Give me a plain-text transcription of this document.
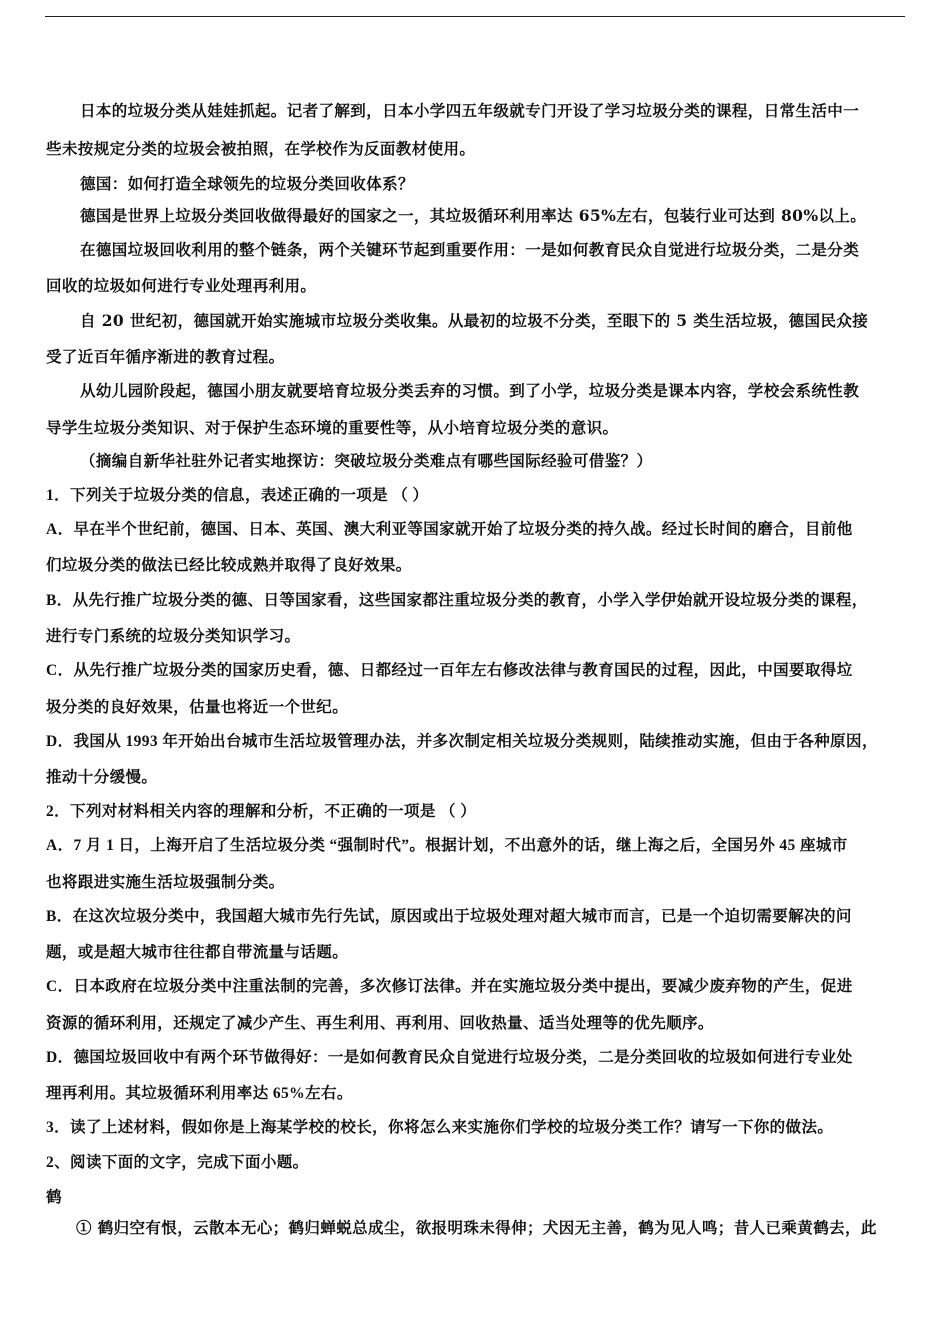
日本的垃圾分类从娃娃抓起。记者了解到，日本小学四五年级就专门开设了学习垃圾分类的课程，日常生活中一
些未按规定分类的垃圾会被拍照，在学校作为反面教材使用。
德国：如何打造全球领先的垃圾分类回收体系？
德国是世界上垃圾分类回收做得最好的国家之一，其垃圾循环利用率达 65%左右，包装行业可达到 80%以上。
在德国垃圾回收利用的整个链条，两个关键环节起到重要作用：一是如何教育民众自觉进行垃圾分类，二是分类
回收的垃圾如何进行专业处理再利用。
自 20 世纪初，德国就开始实施城市垃圾分类收集。从最初的垃圾不分类，至眼下的 5 类生活垃圾，德国民众接
受了近百年循序渐进的教育过程。
从幼儿园阶段起，德国小朋友就要培育垃圾分类丢弃的习惯。到了小学，垃圾分类是课本内容，学校会系统性教
导学生垃圾分类知识、对于保护生态环境的重要性等，从小培育垃圾分类的意识。
（摘编自新华社驻外记者实地探访：突破垃圾分类难点有哪些国际经验可借鉴？）
1．下列关于垃圾分类的信息，表述正确的一项是 （ ）
A．早在半个世纪前，德国、日本、英国、澳大利亚等国家就开始了垃圾分类的持久战。经过长时间的磨合，目前他
们垃圾分类的做法已经比较成熟并取得了良好效果。
B．从先行推广垃圾分类的德、日等国家看，这些国家都注重垃圾分类的教育，小学入学伊始就开设垃圾分类的课程，
进行专门系统的垃圾分类知识学习。
C．从先行推广垃圾分类的国家历史看，德、日都经过一百年左右修改法律与教育国民的过程，因此，中国要取得垃
圾分类的良好效果，估量也将近一个世纪。
D．我国从 1993 年开始出台城市生活垃圾管理办法，并多次制定相关垃圾分类规则，陆续推动实施，但由于各种原因，
推动十分缓慢。
2．下列对材料相关内容的理解和分析，不正确的一项是 （ ）
A．7 月 1 日，上海开启了生活垃圾分类 “强制时代”。根据计划，不出意外的话，继上海之后，全国另外 45 座城市
也将跟进实施生活垃圾强制分类。
B．在这次垃圾分类中，我国超大城市先行先试，原因或出于垃圾处理对超大城市而言，已是一个迫切需要解决的问
题，或是超大城市往往都自带流量与话题。
C．日本政府在垃圾分类中注重法制的完善，多次修订法律。并在实施垃圾分类中提出，要减少废弃物的产生，促进
资源的循环利用，还规定了减少产生、再生利用、再利用、回收热量、适当处理等的优先顺序。
D．德国垃圾回收中有两个环节做得好：一是如何教育民众自觉进行垃圾分类，二是分类回收的垃圾如何进行专业处
理再利用。其垃圾循环利用率达 65%左右。
3．读了上述材料，假如你是上海某学校的校长，你将怎么来实施你们学校的垃圾分类工作？请写一下你的做法。
2、阅读下面的文字，完成下面小题。
鹤
① 鹤归空有恨，云散本无心；鹤归蝉蜕总成尘，欲报明珠未得伸；犬因无主善，鹤为见人鸣；昔人已乘黄鹤去，此
